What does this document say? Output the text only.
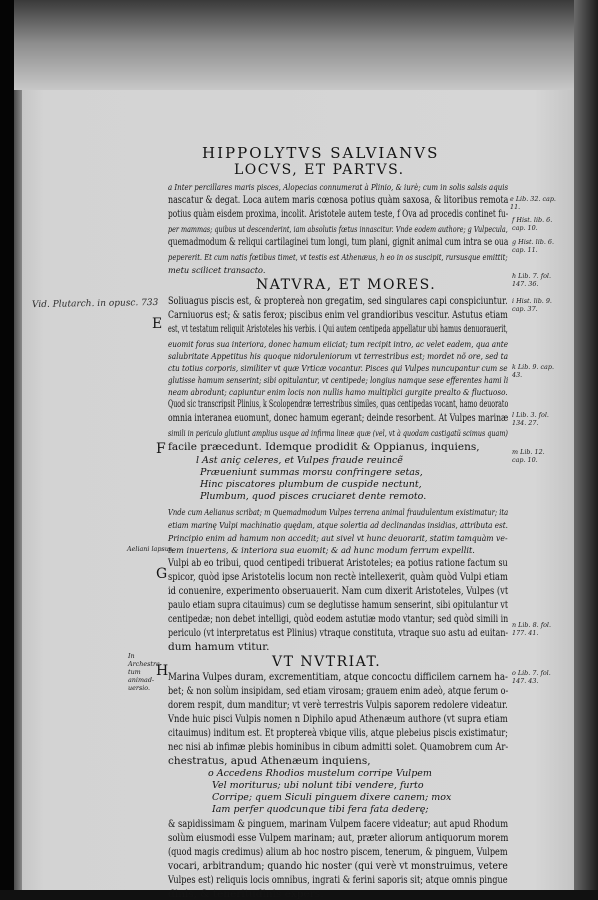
HIPPOLYTVS SALVIANVS
LOCVS, ET PARTVS.
a Inter percillares maris pisces, Alopecias connumerat à Plinio, & iurè; cum in solis salsis aquis
nascatur & degat. Loca autem maris cœnosa potius quàm saxosa, & litoribus remota
potius quàm eisdem proxima, incolit. Aristotele autem teste, f Ova ad procedis continet fu-
per mammas; quibus ut descenderint, iam absolutis fœtus innascitur. Vnde eodem authore; g Vulpecula,
quemadmodum & reliqui cartilaginei tum longi, tum plani, gignit animal cum intra se oua
pepererit. Et cum natis fœtibus timet, vt testis est Athenæus, h eo in os suscipit, rursusque emittit;
metu scilicet transacto.
NATVRA, ET MORES.
Soliuagus piscis est, & proptereà non gregatim, sed singulares capi conspiciuntur.
Carniuorus est; & satis ferox; piscibus enim vel grandioribus vescitur. Astutus etiam
est, vt testatum reliquit Aristoteles his verbis. i Qui autem centipeda appellatur ubi hamus denuorauerit,
euomit foras sua interiora, donec hamum eiiciat; tum recipit intro, ac velet eadem, qua ante
salubritate Appetitus his quoque nidoruleniorum vt terrestribus est; mordet nõ ore, sed ta
ctu totius corporis, similiter vt quæ Vrticæ vocantur. Pisces qui Vulpes nuncupantur cum se
glutisse hamum senserint; sibi opitulantur, vt centipede; longius namque sese efferentes hami li
neam abrodunt; capiuntur enim locis non nullis hamo multiplici gurgite prealto & fluctuoso.
Quod sic transcripsit Plinius, k Scolopendræ terrestribus similes, quas centipedas vocant, hamo deuorato
omnia interanea euomunt, donec hamum egerant; deinde resorbent. At Vulpes marinæ
simili in periculo glutiunt amplius usque ad infirma lineæ quæ (vel, vt à quodam castigatũ scimus quam)
facile præcedunt. Idemque prodidit & Oppianus, inquiens,
l Ast aniç celeres, et Vulpes fraude reuincẽ
Præueniunt summas morsu confringere setas,
Hinc piscatores plumbum de cuspide nectunt,
Plumbum, quod pisces cruciaret dente remoto.
Vnde cum Aelianus scribat; m Quemadmodum Vulpes terrena animal fraudulentum existimatur; ita
etiam marinę Vulpi machinatio quędam, atque solertia ad declinandas insidias, attributa est.
Principio enim ad hamum non accedit; aut sivel vt hunc deuorarit, statim tamquàm ve-
tem inuertens, & interiora sua euomit; & ad hunc modum ferrum expellit.
Vulpi ab eo tribui, quod centipedi tribuerat Aristoteles; ea potius ratione factum su
spicor, quòd ipse Aristotelis locum non rectè intellexerit, quàm quòd Vulpi etiam
id conuenire, experimento obseruauerit. Nam cum dixerit Aristoteles, Vulpes (vt
paulo etiam supra citauimus) cum se deglutisse hamum senserint, sibi opitulantur vt
centipedæ; non debet intelligi, quòd eodem astutiæ modo vtantur; sed quòd simili in
periculo (vt interpretatus est Plinius) vtraque constituta, vtraque suo astu ad euitan-
dum hamum vtitur.
VT NVTRIAT.
Marina Vulpes duram, excrementitiam, atque concoctu difficilem carnem ha-
bet; & non solùm insipidam, sed etiam virosam; grauem enim adeò, atque ferum o-
dorem respit, dum manditur; vt verè terrestris Vulpis saporem redolere videatur.
Vnde huic pisci Vulpis nomen n Diphilo apud Athenæum authore (vt supra etiam
citauimus) inditum est. Et proptereà vbique vilis, atque plebeius piscis existimatur;
nec nisi ab infimæ plebis hominibus in cibum admitti solet. Quamobrem cum Ar-
chestratus, apud Athenæum inquiens,
o Accedens Rhodios mustelum corripe Vulpem
Vel moriturus; ubi nolunt tibi vendere, furto
Corripe; quem Siculi pinguem dixere canem; mox
Iam perfer quodcunque tibi fera fata dederę;
& sapidissimam & pinguem, marinam Vulpem facere videatur; aut apud Rhodum
solùm eiusmodi esse Vulpem marinam; aut, præter aliorum antiquorum morem
(quod magis credimus) alium ab hoc nostro piscem, tenerum, & pinguem, Vulpem
vocari, arbitrandum; quando hic noster (qui verè vt monstruimus, vetere
Vulpes est) reliquis locis omnibus, ingrati & ferini saporis sit; atque omnis pingue
dinis, & teneritudinis expers.
Vid. Plutarch. in opusc. 733
E
F
G
H
Aeliani lapsus.
In Archestra- tum animad- uersio.
e Lib. 32. cap. 11.
f Hist. lib. 6. cap. 10.
g Hist. lib. 6. cap. 11.
h Lib. 7. fol. 147. 36.
i Hist. lib. 9. cap. 37.
k Lib. 9. cap. 43.
l Lib. 3. fol. 134. 27.
m Lib. 12. cap. 10.
n Lib. 8. fol. 177. 41.
o Lib. 7. fol. 147. 43.
